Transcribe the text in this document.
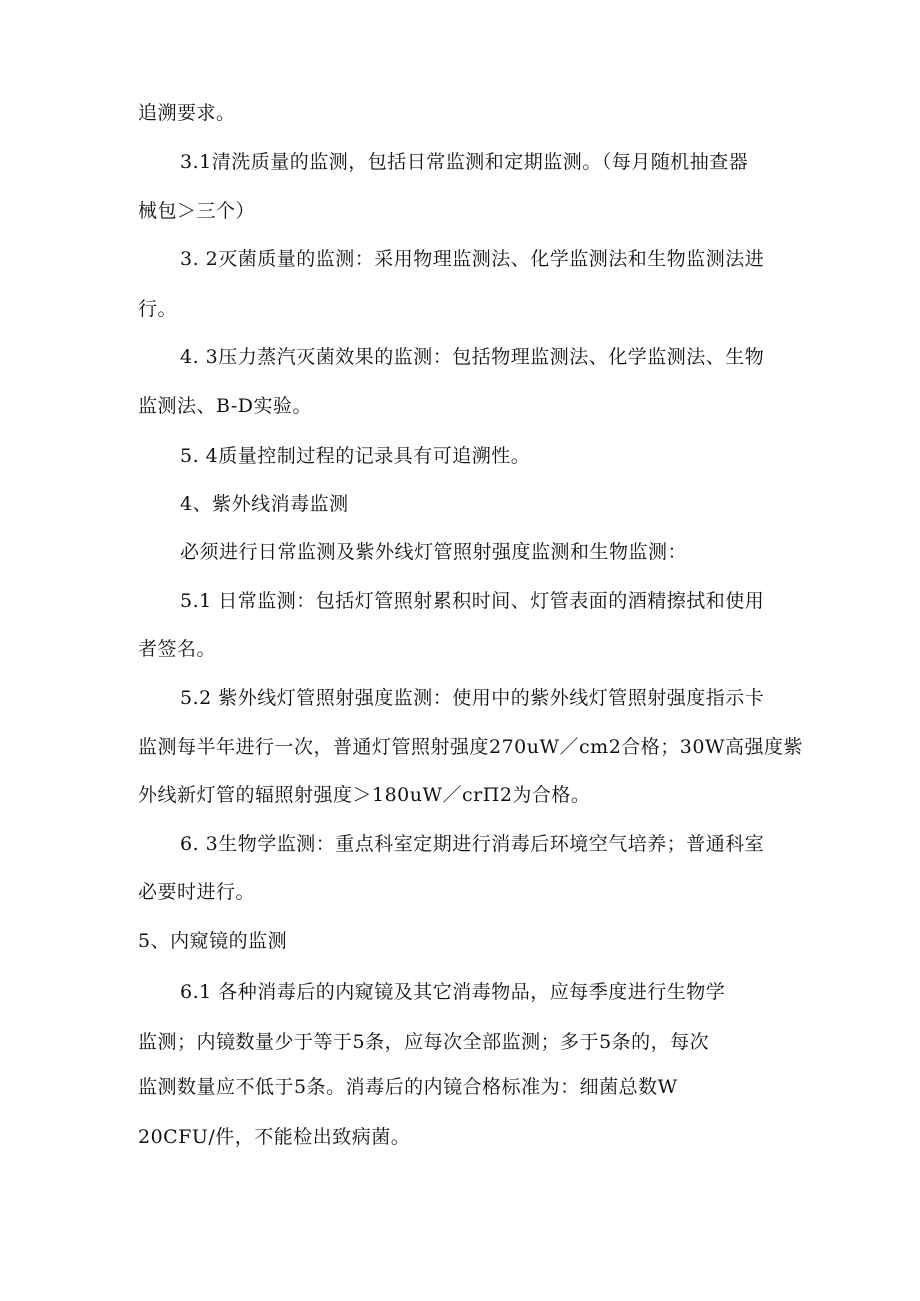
追溯要求。
3.1清洗质量的监测，包括日常监测和定期监测。（每月随机抽查器
械包＞三个）
3. 2灭菌质量的监测：采用物理监测法、化学监测法和生物监测法进
行。
4. 3压力蒸汽灭菌效果的监测：包括物理监测法、化学监测法、生物
监测法、B-D实验。
5. 4质量控制过程的记录具有可追溯性。
4、紫外线消毒监测
必须进行日常监测及紫外线灯管照射强度监测和生物监测：
5.1 日常监测：包括灯管照射累积时间、灯管表面的酒精擦拭和使用
者签名。
5.2 紫外线灯管照射强度监测：使用中的紫外线灯管照射强度指示卡
监测每半年进行一次，普通灯管照射强度270uW／cm2合格；30W高强度紫
外线新灯管的辐照射强度＞180uW／crΠ2为合格。
6. 3生物学监测：重点科室定期进行消毒后环境空气培养；普通科室
必要时进行。
5、内窥镜的监测
6.1 各种消毒后的内窥镜及其它消毒物品，应每季度进行生物学
监测；内镜数量少于等于5条，应每次全部监测；多于5条的，每次
监测数量应不低于5条。消毒后的内镜合格标准为：细菌总数W
20CFU/件，不能检出致病菌。
